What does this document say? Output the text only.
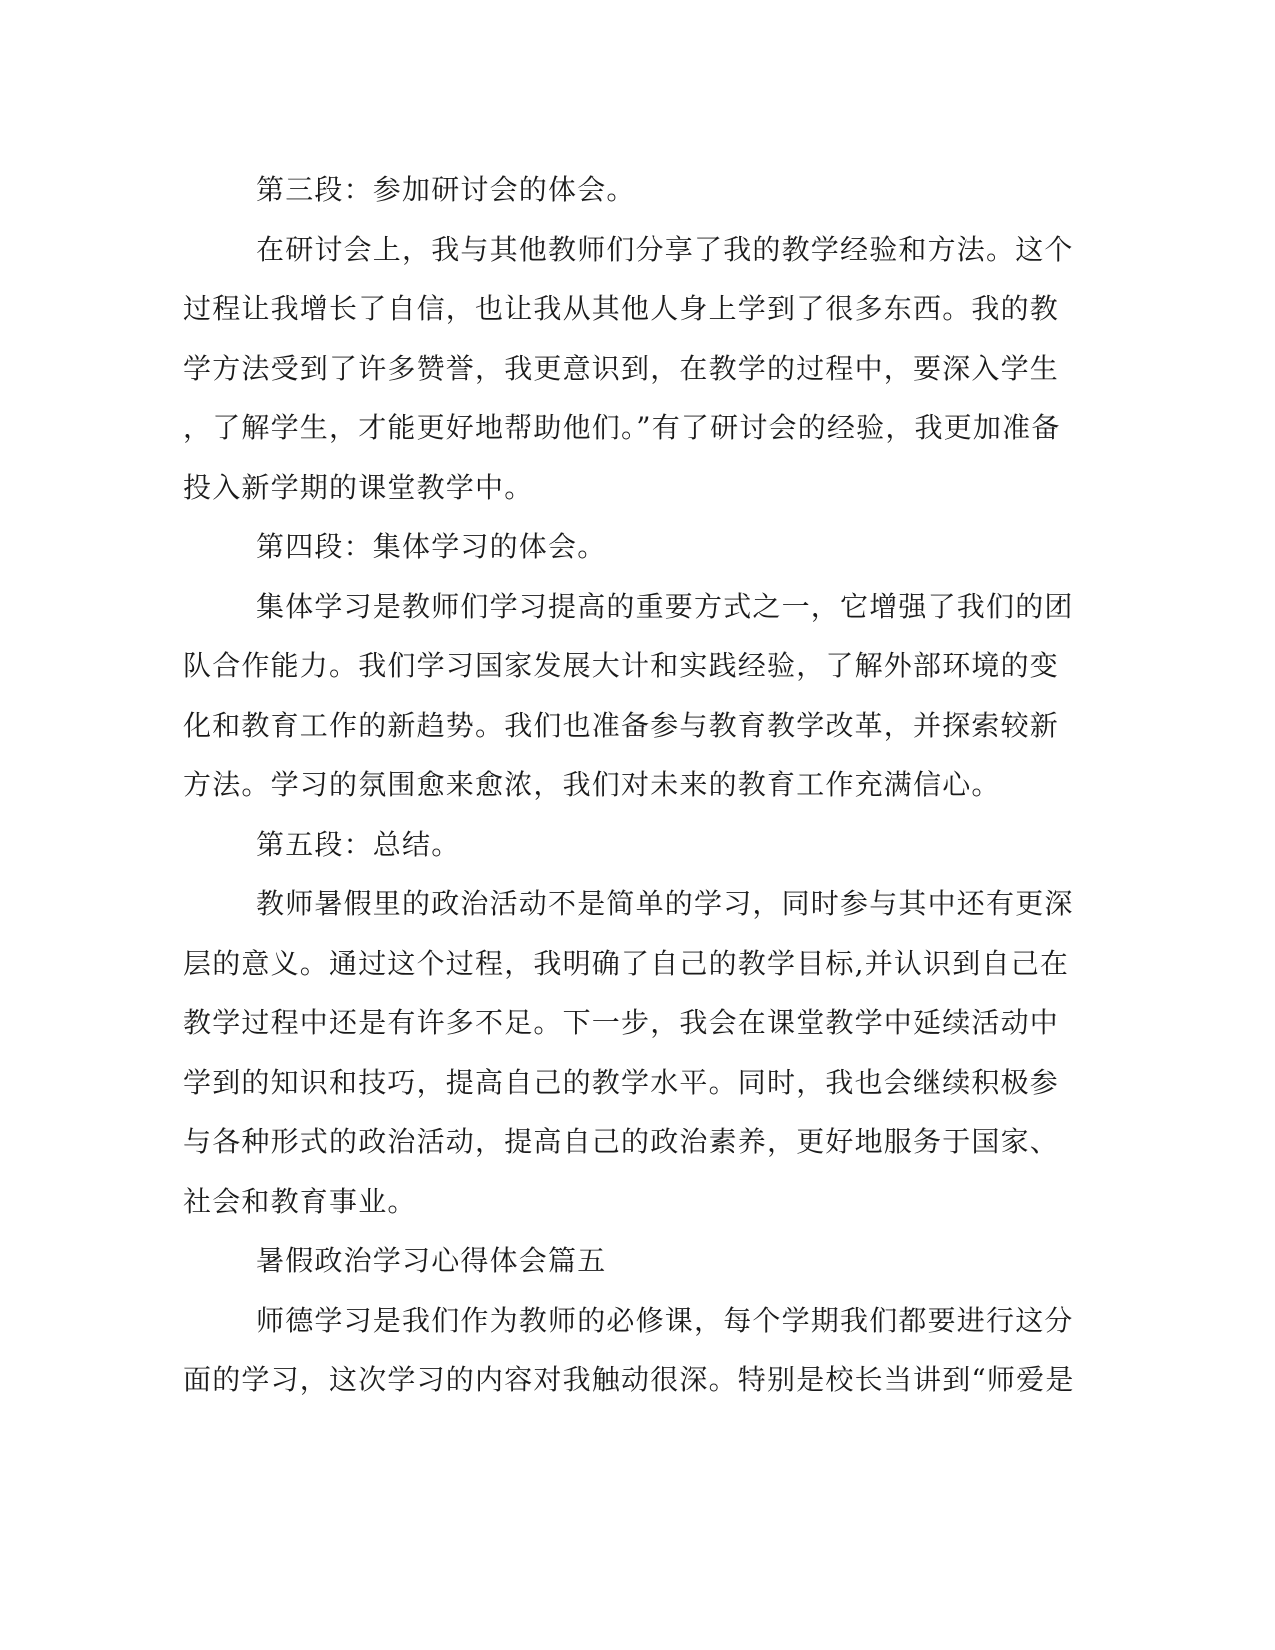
第三段：参加研讨会的体会。

在研讨会上，我与其他教师们分享了我的教学经验和方法。这个
过程让我增长了自信，也让我从其他人身上学到了很多东西。我的教
学方法受到了许多赞誉，我更意识到，在教学的过程中，要深入学生
，了解学生，才能更好地帮助他们。”有了研讨会的经验，我更加准备
投入新学期的课堂教学中。

第四段：集体学习的体会。

集体学习是教师们学习提高的重要方式之一，它增强了我们的团
队合作能力。我们学习国家发展大计和实践经验，了解外部环境的变
化和教育工作的新趋势。我们也准备参与教育教学改革，并探索较新
方法。学习的氛围愈来愈浓，我们对未来的教育工作充满信心。

第五段：总结。

教师暑假里的政治活动不是简单的学习，同时参与其中还有更深
层的意义。通过这个过程，我明确了自己的教学目标,并认识到自己在
教学过程中还是有许多不足。下一步，我会在课堂教学中延续活动中
学到的知识和技巧，提高自己的教学水平。同时，我也会继续积极参
与各种形式的政治活动，提高自己的政治素养，更好地服务于国家、
社会和教育事业。

暑假政治学习心得体会篇五

师德学习是我们作为教师的必修课，每个学期我们都要进行这分
面的学习，这次学习的内容对我触动很深。特别是校长当讲到“师爱是
